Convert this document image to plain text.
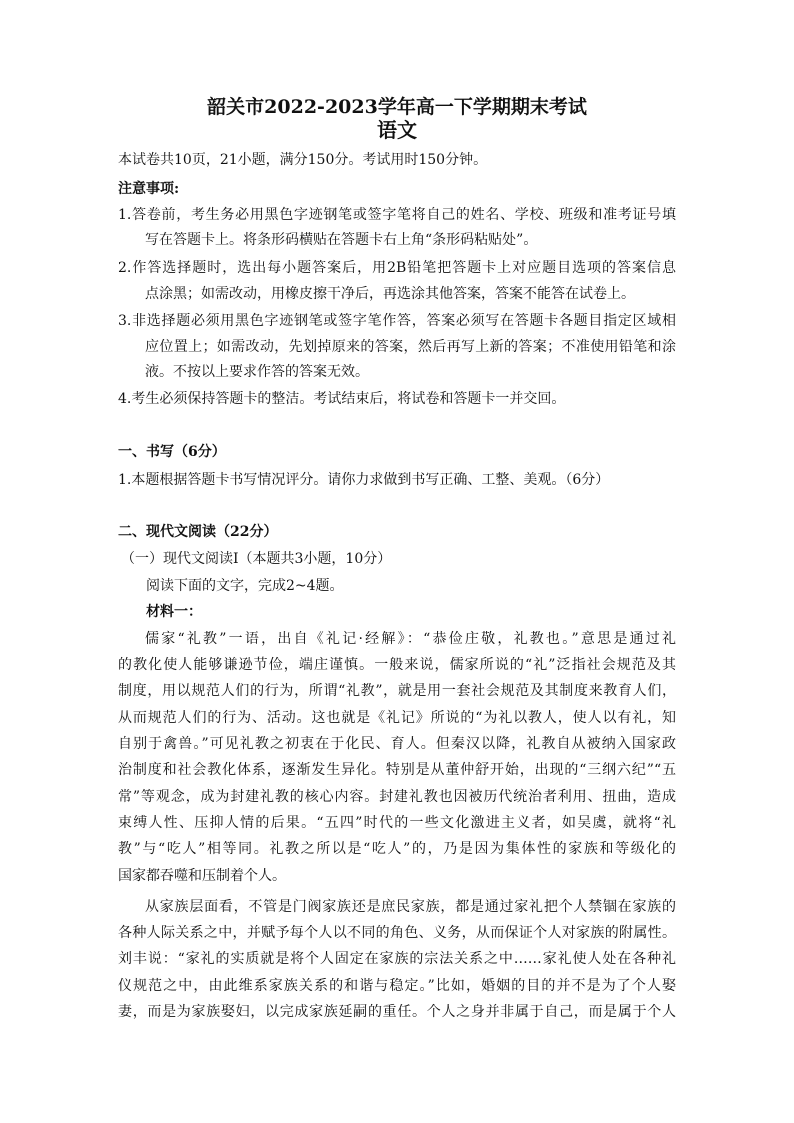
韶关市2022-2023学年高一下学期期末考试
语文
本试卷共10页，21小题，满分150分。考试用时150分钟。
注意事项:
1.答卷前，考生务必用黑色字迹钢笔或签字笔将自己的姓名、学校、班级和准考证号填
写在答题卡上。将条形码横贴在答题卡右上角“条形码粘贴处”。
2.作答选择题时，选出每小题答案后，用2B铅笔把答题卡上对应题目选项的答案信息
点涂黑；如需改动，用橡皮擦干净后，再选涂其他答案，答案不能答在试卷上。
3.非选择题必须用黑色字迹钢笔或签字笔作答，答案必须写在答题卡各题目指定区域相
应位置上；如需改动，先划掉原来的答案，然后再写上新的答案；不准使用铅笔和涂
液。不按以上要求作答的答案无效。
4.考生必须保持答题卡的整洁。考试结束后，将试卷和答题卡一并交回。
一、书写（6分）
1.本题根据答题卡书写情况评分。请你力求做到书写正确、工整、美观。（6分）
二、现代文阅读（22分）
（一）现代文阅读Ⅰ（本题共3小题，10分）
阅读下面的文字，完成2~4题。
材料一：
儒家“礼教”一语，出自《礼记·经解》：“恭俭庄敬，礼教也。”意思是通过礼
的教化使人能够谦逊节俭，端庄谨慎。一般来说，儒家所说的“礼”泛指社会规范及其
制度，用以规范人们的行为，所谓“礼教”，就是用一套社会规范及其制度来教育人们，
从而规范人们的行为、活动。这也就是《礼记》所说的“为礼以教人，使人以有礼，知
自别于禽兽。”可见礼教之初衷在于化民、育人。但秦汉以降，礼教自从被纳入国家政
治制度和社会教化体系，逐渐发生异化。特别是从董仲舒开始，出现的“三纲六纪”“五
常”等观念，成为封建礼教的核心内容。封建礼教也因被历代统治者利用、扭曲，造成
束缚人性、压抑人情的后果。“五四”时代的一些文化激进主义者，如吴虞，就将“礼
教”与“吃人”相等同。礼教之所以是“吃人”的，乃是因为集体性的家族和等级化的
国家都吞噬和压制着个人。
从家族层面看，不管是门阀家族还是庶民家族，都是通过家礼把个人禁锢在家族的
各种人际关系之中，并赋予每个人以不同的角色、义务，从而保证个人对家族的附属性。
刘丰说：“家礼的实质就是将个人固定在家族的宗法关系之中……家礼使人处在各种礼
仪规范之中，由此维系家族关系的和谐与稳定。”比如，婚姻的目的并不是为了个人娶
妻，而是为家族娶妇，以完成家族延嗣的重任。个人之身并非属于自己，而是属于个人
